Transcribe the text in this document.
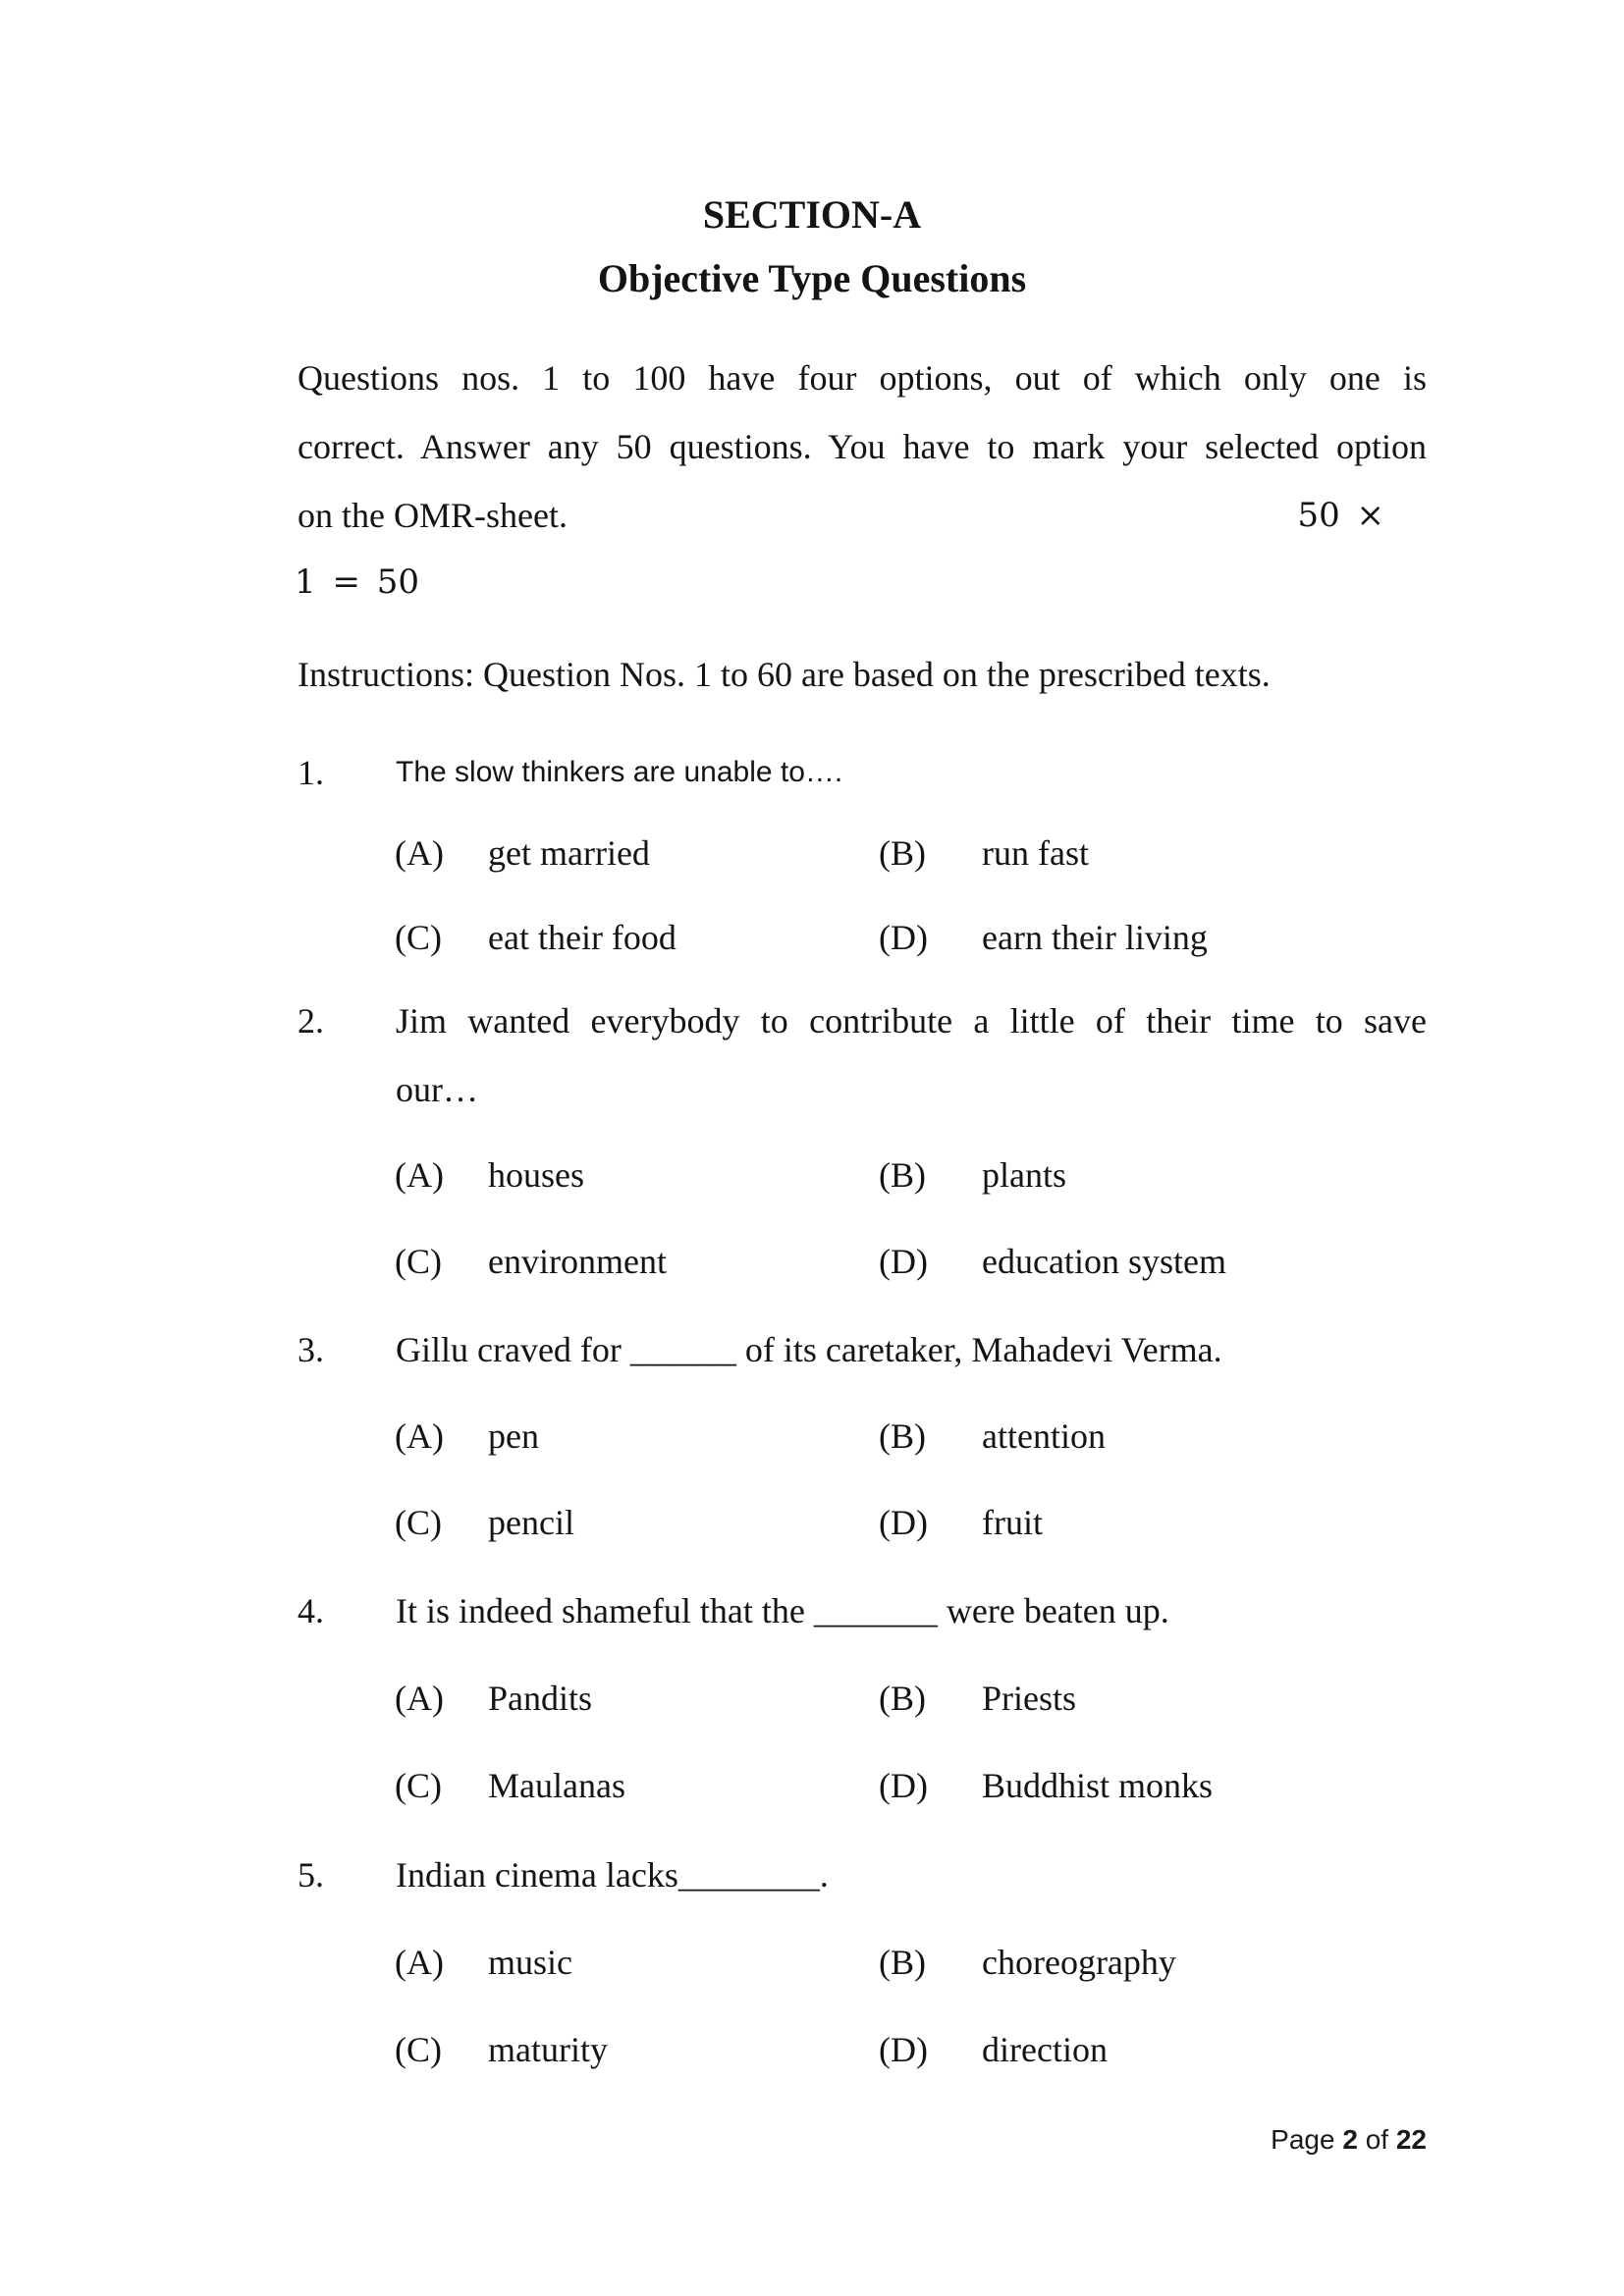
SECTION-A
Objective Type Questions
Questions nos. 1 to 100 have four options, out of which only one is
correct. Answer any 50 questions. You have to mark your selected option
on the OMR-sheet.	50 ×
1 = 50
Instructions: Question Nos. 1 to 60 are based on the prescribed texts.
1. The slow thinkers are unable to….
(A) get married	(B) run fast
(C) eat their food	(D) earn their living
2. Jim wanted everybody to contribute a little of their time to save
our…
(A) houses	(B) plants
(C) environment	(D) education system
3. Gillu craved for ______ of its caretaker, Mahadevi Verma.
(A) pen	(B) attention
(C) pencil	(D) fruit
4. It is indeed shameful that the _______ were beaten up.
(A) Pandits	(B) Priests
(C) Maulanas	(D) Buddhist monks
5. Indian cinema lacks________.
(A) music	(B) choreography
(C) maturity	(D) direction
Page 2 of 22
